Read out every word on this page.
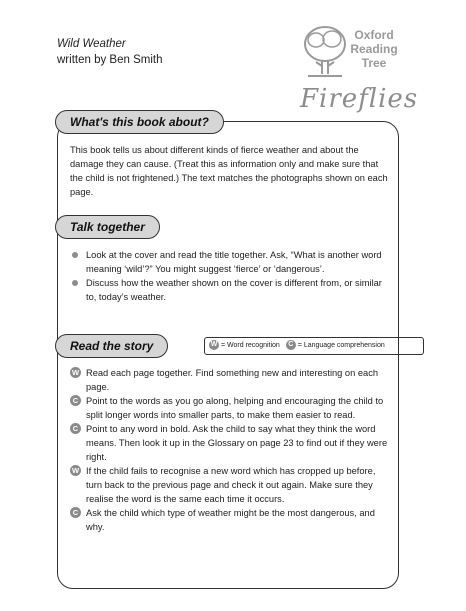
Wild Weather
written by Ben Smith
Oxford
Reading
Tree
Fireflies
What's this book about?
This book tells us about different kinds of fierce weather and about the damage they can cause. (Treat this as information only and make sure that the child is not frightened.) The text matches the photographs shown on each page.
Talk together
Look at the cover and read the title together. Ask, “What is another word meaning ‘wild’?” You might suggest ‘fierce’ or ‘dangerous’.
Discuss how the weather shown on the cover is different from, or similar to, today’s weather.
Read the story	W = Word recognition C = Language comprehension
W Read each page together. Find something new and interesting on each page.
C Point to the words as you go along, helping and encouraging the child to split longer words into smaller parts, to make them easier to read.
C Point to any word in bold. Ask the child to say what they think the word means. Then look it up in the Glossary on page 23 to find out if they were right.
W If the child fails to recognise a new word which has cropped up before, turn back to the previous page and check it out again. Make sure they realise the word is the same each time it occurs.
C Ask the child which type of weather might be the most dangerous, and why.
